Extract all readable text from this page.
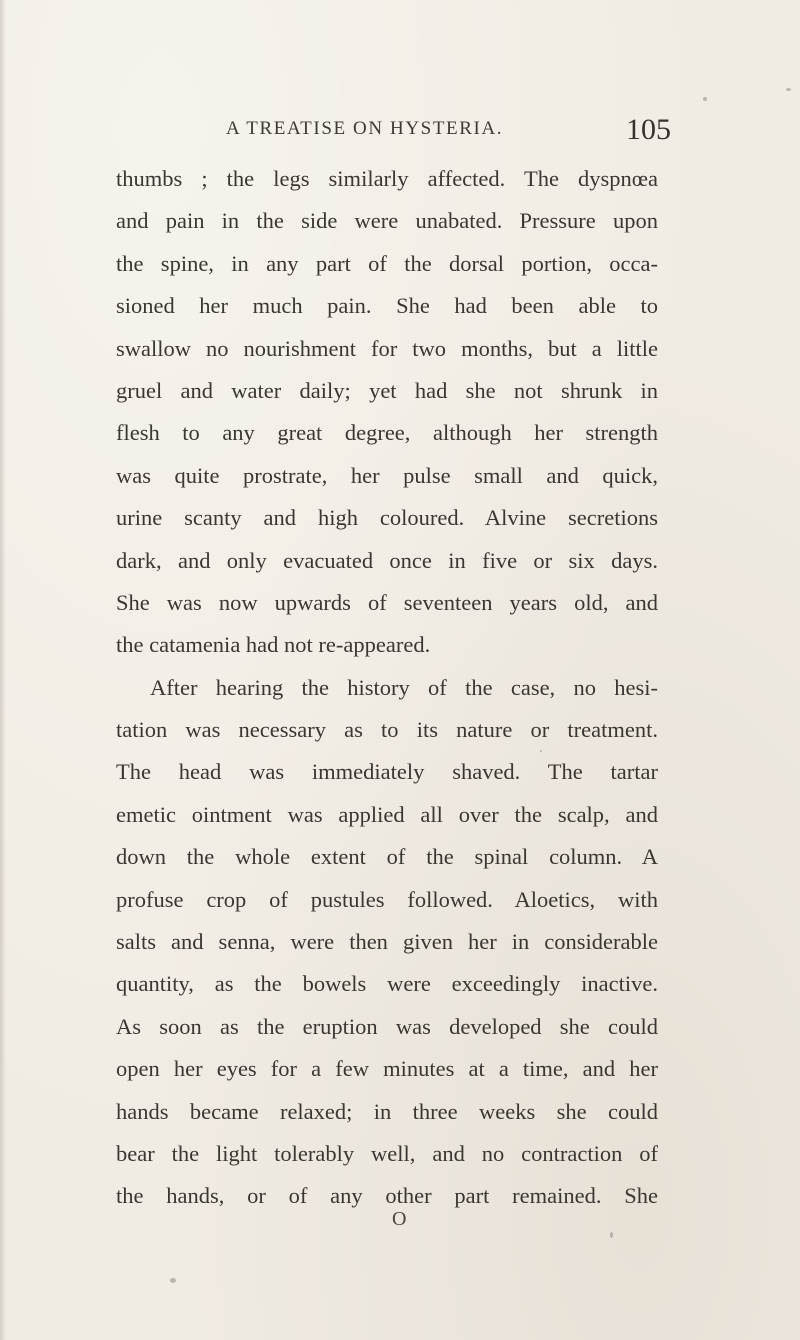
A TREATISE ON HYSTERIA.	105
thumbs ; the legs similarly affected. The dyspnœa
and pain in the side were unabated. Pressure upon
the spine, in any part of the dorsal portion, occa-
sioned her much pain. She had been able to
swallow no nourishment for two months, but a little
gruel and water daily; yet had she not shrunk in
flesh to any great degree, although her strength
was quite prostrate, her pulse small and quick,
urine scanty and high coloured. Alvine secretions
dark, and only evacuated once in five or six days.
She was now upwards of seventeen years old, and
the catamenia had not re-appeared.
After hearing the history of the case, no hesi-
tation was necessary as to its nature or treatment.
The head was immediately shaved. The tartar
emetic ointment was applied all over the scalp, and
down the whole extent of the spinal column. A
profuse crop of pustules followed. Aloetics, with
salts and senna, were then given her in considerable
quantity, as the bowels were exceedingly inactive.
As soon as the eruption was developed she could
open her eyes for a few minutes at a time, and her
hands became relaxed; in three weeks she could
bear the light tolerably well, and no contraction of
the hands, or of any other part remained. She
O
